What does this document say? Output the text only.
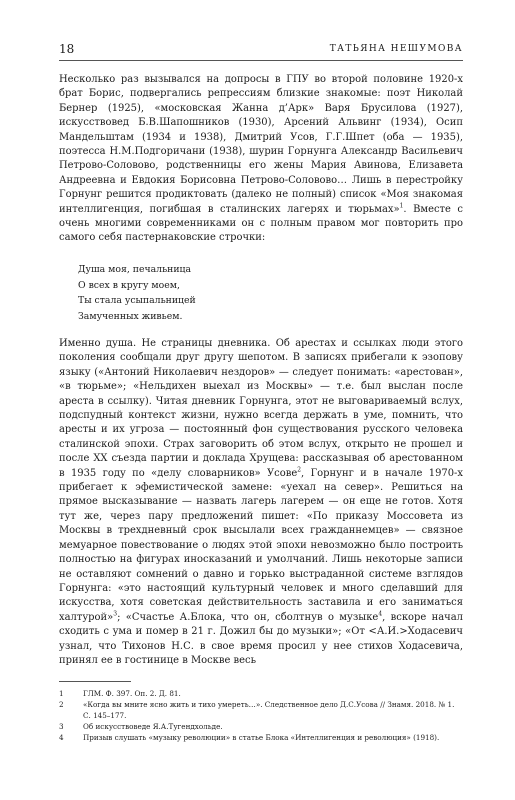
18	ТАТЬЯНА НЕШУМОВА

Несколько раз вызывался на допросы в ГПУ во второй половине 1920-х брат Борис, подвергались репрессиям близкие знакомые: поэт Николай Бернер (1925), «московская Жанна д’Арк» Варя Брусилова (1927), искусствовед Б.В.Шапошников (1930), Арсений Альвинг (1934), Осип Мандельштам (1934 и 1938), Дмитрий Усов, Г.Г.Шпет (оба — 1935), поэтесса Н.М.Подгоричани (1938), шурин Горнунга Александр Васильевич Петрово-Соловово, родственницы его жены Мария Авинова, Елизавета Андреевна и Евдокия Борисовна Петрово-Соловово… Лишь в перестройку Горнунг решится продиктовать (далеко не полный) список «Моя знакомая интеллигенция, погибшая в сталинских лагерях и тюрьмах»$^1$. Вместе с очень многими современниками он с полным правом мог повторить про самого себя пастернаковские строчки:

Душа моя, печальница
О всех в кругу моем,
Ты стала усыпальницей
Замученных живьем.

Именно душа. Не страницы дневника. Об арестах и ссылках люди этого поколения сообщали друг другу шепотом. В записях прибегали к эзопову языку («Антоний Николаевич нездоров» — следует понимать: «арестован», «в тюрьме»; «Нельдихен выехал из Москвы» — т.е. был выслан после ареста в ссылку). Читая дневник Горнунга, этот не выговариваемый вслух, подспудный контекст жизни, нужно всегда держать в уме, помнить, что аресты и их угроза — постоянный фон существования русского человека сталинской эпохи. Страх заговорить об этом вслух, открыто не прошел и после XX съезда партии и доклада Хрущева: рассказывая об арестованном в 1935 году по «делу словарников» Усове$^2$, Горнунг и в начале 1970-х прибегает к эфемистической замене: «уехал на север». Решиться на прямое высказывание — назвать лагерь лагерем — он еще не готов. Хотя тут же, через пару предложений пишет: «По приказу Моссовета из Москвы в трехдневный срок высылали всех гражданнемцев» — связное мемуарное повествование о людях этой эпохи невозможно было построить полностью на фигурах иносказаний и умолчаний. Лишь некоторые записи не оставляют сомнений о давно и горько выстраданной системе взглядов Горнунга: «это настоящий культурный человек и много сделавший для искусства, хотя советская действительность заставила и его заниматься халтурой»$^3$; «Счастье А.Блока, что он, сболтнув о музыке$^4$, вскоре начал сходить с ума и помер в 21 г. Дожил бы до музыки»; «От <А.И.>Ходасевич узнал, что Тихонов Н.С. в свое время просил у нее стихов Ходасевича, принял ее в гостинице в Москве весь

1	ГЛМ. Ф. 397. Оп. 2. Д. 81.
2	«Когда вы мните ясно жить и тихо умереть…». Следственное дело Д.С.Усова // Знамя. 2018. № 1. С. 145–177.
3	Об искусствоведе Я.А.Тугендхольде.
4	Призыв слушать «музыку революции» в статье Блока «Интеллигенция и революция» (1918).
